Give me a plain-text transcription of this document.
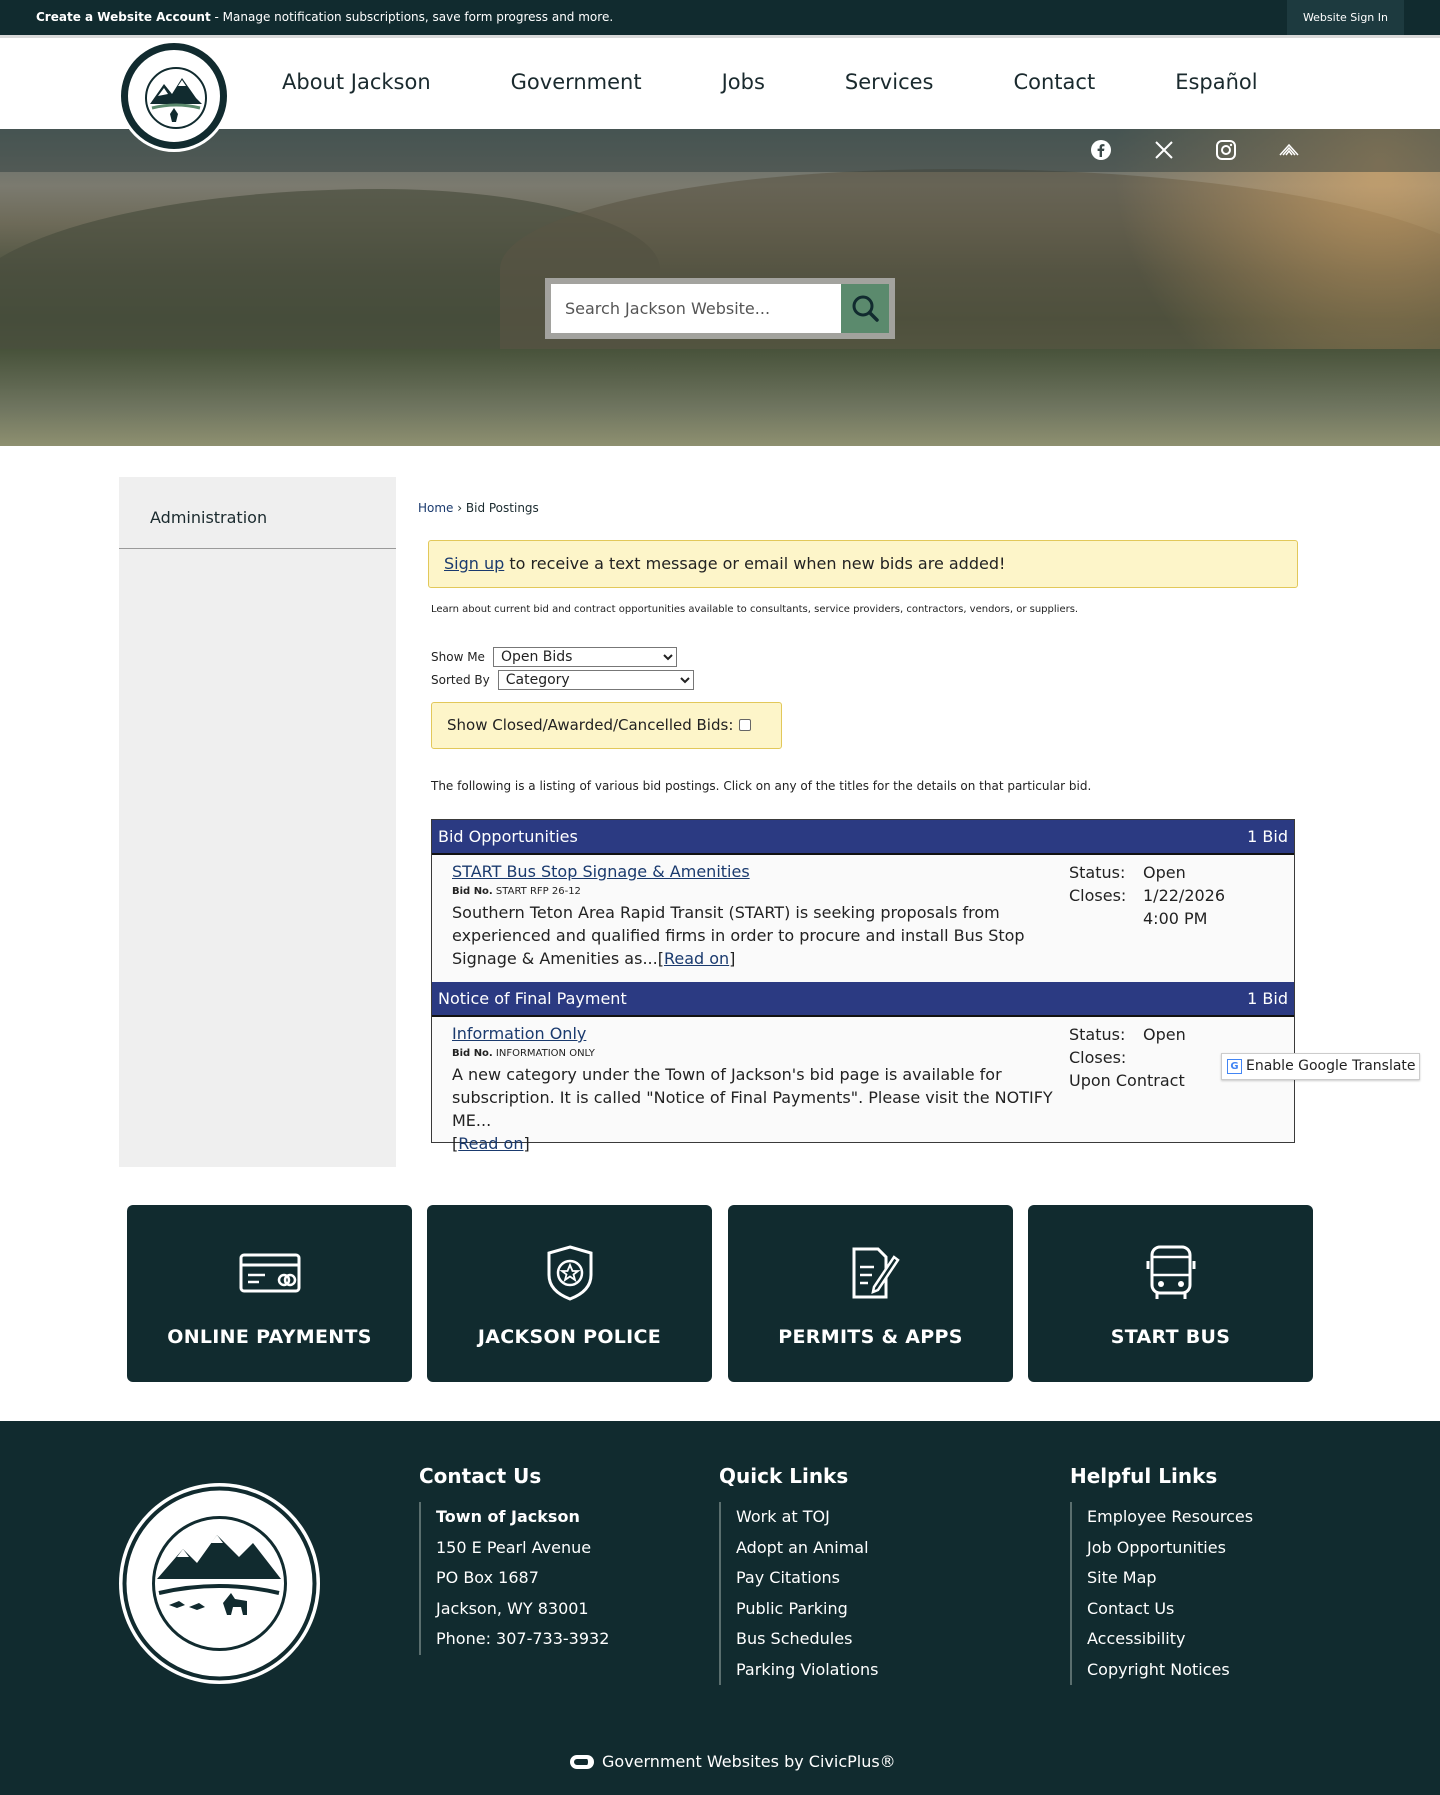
Create a Website Account - Manage notification subscriptions, save form progress and more.	Website Sign In
About Jackson	Government	Jobs	Services	Contact	Español
Search Jackson Website...
Administration	Home › Bid Postings
Sign up to receive a text message or email when new bids are added!
Learn about current bid and contract opportunities available to consultants, service providers, contractors, vendors, or suppliers.
Show Me
Open Bids
Sorted By
Category
Show Closed/Awarded/Cancelled Bids:
The following is a listing of various bid postings. Click on any of the titles for the details on that particular bid.
Bid Opportunities	1 Bid
START Bus Stop Signage & Amenities
Bid No. START RFP 26-12
Southern Teton Area Rapid Transit (START) is seeking proposals from experienced and qualified firms in order to procure and install Bus Stop Signage & Amenities as...[Read on]
Status: Open
Closes: 1/22/2026 4:00 PM
Notice of Final Payment	1 Bid
Information Only
Bid No. INFORMATION ONLY
A new category under the Town of Jackson's bid page is available for subscription. It is called "Notice of Final Payments". Please visit the NOTIFY ME...
[Read on]
Status: Open
Closes:Upon Contract
G Enable Google Translate
ONLINE PAYMENTS	JACKSON POLICE	PERMITS & APPS	START BUS
Contact Us
Town of Jackson
150 E Pearl Avenue
PO Box 1687
Jackson, WY 83001
Phone: 307-733-3932
Quick Links
Work at TOJ
Adopt an Animal
Pay Citations
Public Parking
Bus Schedules
Parking Violations
Helpful Links
Employee Resources
Job Opportunities
Site Map
Contact Us
Accessibility
Copyright Notices
Government Websites by CivicPlus®
